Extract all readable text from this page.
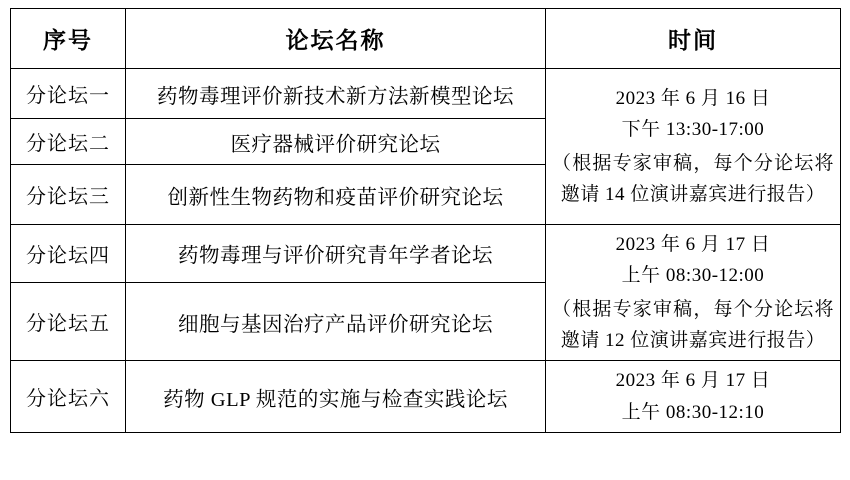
序号	论坛名称	时间
分论坛一	药物毒理评价新技术新方法新模型论坛	2023 年 6 月 16 日
下午 13:30-17:00
（根据专家审稿，每个分论坛将邀请 14 位演讲嘉宾进行报告）

分论坛二	医疗器械评价研究论坛	
分论坛三	创新性生物药物和疫苗评价研究论坛	
分论坛四	药物毒理与评价研究青年学者论坛	2023 年 6 月 17 日
上午 08:30-12:00
（根据专家审稿，每个分论坛将邀请 12 位演讲嘉宾进行报告）

分论坛五	细胞与基因治疗产品评价研究论坛	
分论坛六	药物 GLP 规范的实施与检查实践论坛	2023 年 6 月 17 日
上午 08:30-12:10
